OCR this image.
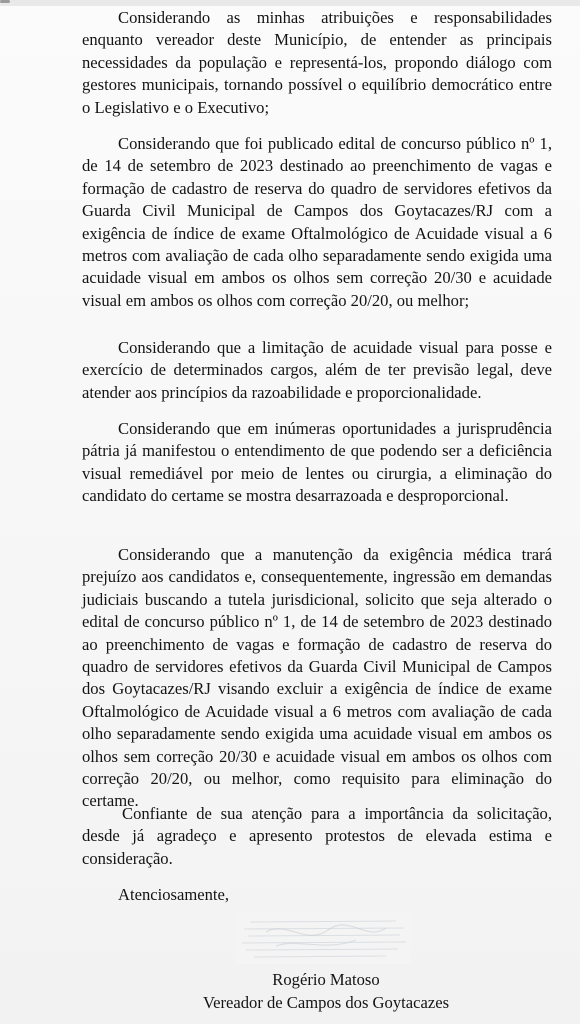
Considerando as minhas atribuições e responsabilidades enquanto vereador deste Município, de entender as principais necessidades da população e representá-los, propondo diálogo com gestores municipais, tornando possível o equilíbrio democrático entre o Legislativo e o Executivo;

Considerando que foi publicado edital de concurso público nº 1, de 14 de setembro de 2023 destinado ao preenchimento de vagas e formação de cadastro de reserva do quadro de servidores efetivos da Guarda Civil Municipal de Campos dos Goytacazes/RJ com a exigência de índice de exame Oftalmológico de Acuidade visual a 6 metros com avaliação de cada olho separadamente sendo exigida uma acuidade visual em ambos os olhos sem correção 20/30 e acuidade visual em ambos os olhos com correção 20/20, ou melhor;

Considerando que a limitação de acuidade visual para posse e exercício de determinados cargos, além de ter previsão legal, deve atender aos princípios da razoabilidade e proporcionalidade.

Considerando que em inúmeras oportunidades a jurisprudência pátria já manifestou o entendimento de que podendo ser a deficiência visual remediável por meio de lentes ou cirurgia, a eliminação do candidato do certame se mostra desarrazoada e desproporcional.

Considerando que a manutenção da exigência médica trará prejuízo aos candidatos e, consequentemente, ingressão em demandas judiciais buscando a tutela jurisdicional, solicito que seja alterado o edital de concurso público nº 1, de 14 de setembro de 2023 destinado ao preenchimento de vagas e formação de cadastro de reserva do quadro de servidores efetivos da Guarda Civil Municipal de Campos dos Goytacazes/RJ visando excluir a exigência de índice de exame Oftalmológico de Acuidade visual a 6 metros com avaliação de cada olho separadamente sendo exigida uma acuidade visual em ambos os olhos sem correção 20/30 e acuidade visual em ambos os olhos com correção 20/20, ou melhor, como requisito para eliminação do certame.

Confiante de sua atenção para a importância da solicitação, desde já agradeço e apresento protestos de elevada estima e consideração.

Atenciosamente,
Rogério Matoso
Vereador de Campos dos Goytacazes
